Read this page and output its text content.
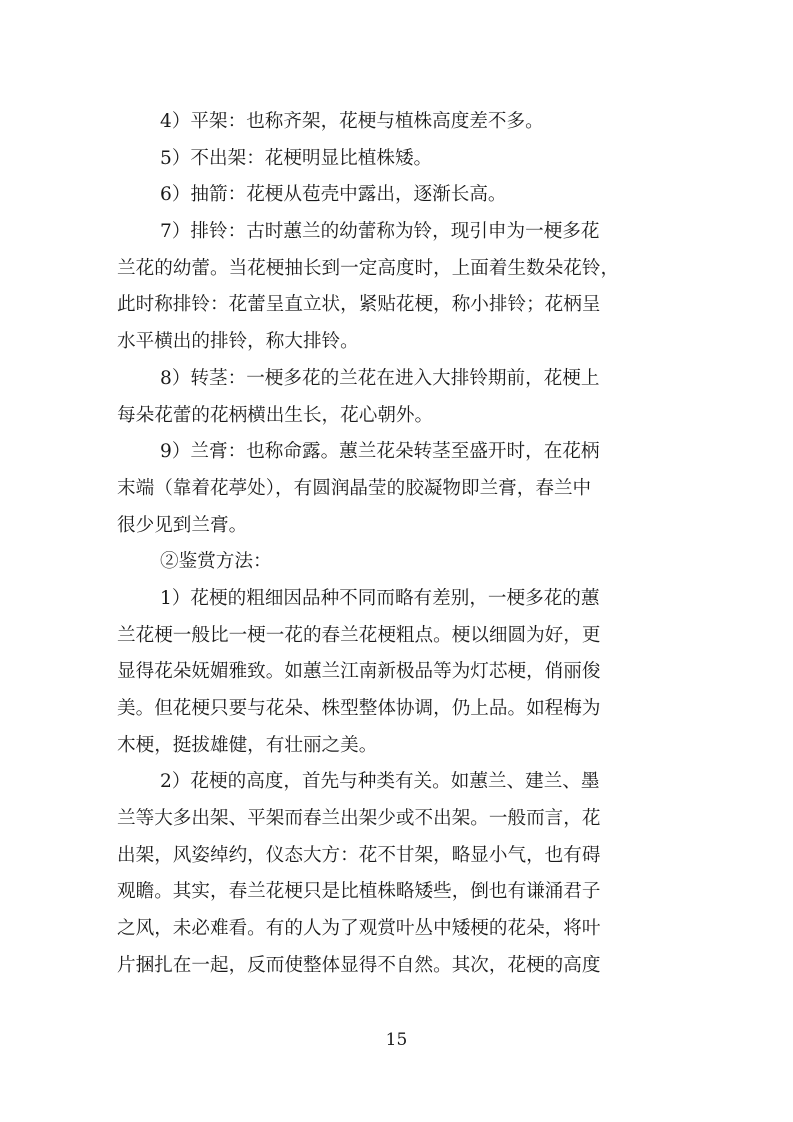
4）平架：也称齐架，花梗与植株高度差不多。
5）不出架：花梗明显比植株矮。
6）抽箭：花梗从苞壳中露出，逐渐长高。
7）排铃：古时蕙兰的幼蕾称为铃，现引申为一梗多花
兰花的幼蕾。当花梗抽长到一定高度时，上面着生数朵花铃，
此时称排铃：花蕾呈直立状，紧贴花梗，称小排铃；花柄呈
水平横出的排铃，称大排铃。
8）转茎：一梗多花的兰花在进入大排铃期前，花梗上
每朵花蕾的花柄横出生长，花心朝外。
9）兰膏：也称命露。蕙兰花朵转茎至盛开时，在花柄
末端（靠着花葶处），有圆润晶莹的胶凝物即兰膏，春兰中
很少见到兰膏。
②鉴赏方法：
1）花梗的粗细因品种不同而略有差别，一梗多花的蕙
兰花梗一般比一梗一花的春兰花梗粗点。梗以细圆为好，更
显得花朵妩媚雅致。如蕙兰江南新极品等为灯芯梗，俏丽俊
美。但花梗只要与花朵、株型整体协调，仍上品。如程梅为
木梗，挺拔雄健，有壮丽之美。
2）花梗的高度，首先与种类有关。如蕙兰、建兰、墨
兰等大多出架、平架而春兰出架少或不出架。一般而言，花
出架，风姿绰约，仪态大方：花不甘架，略显小气，也有碍
观瞻。其实，春兰花梗只是比植株略矮些，倒也有谦涌君子
之风，未必难看。有的人为了观赏叶丛中矮梗的花朵，将叶
片捆扎在一起，反而使整体显得不自然。其次，花梗的高度
15
